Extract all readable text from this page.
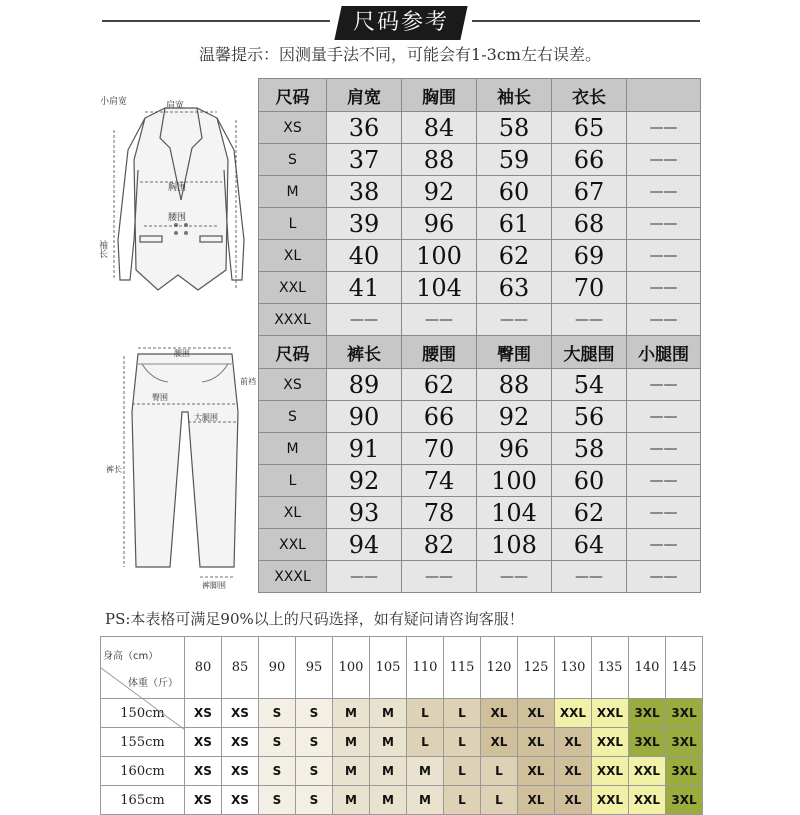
尺码参考
温馨提示：因测量手法不同，可能会有1-3cm左右误差。
小肩宽	肩宽
胸围
腰围
袖长
腰围
前裆
臀围
大腿围
裤长
裤脚围
尺码	肩宽	胸围	袖长	衣长	
XS	36	84	58	65	——
S	37	88	59	66	——
M	38	92	60	67	——
L	39	96	61	68	——
XL	40	100	62	69	——
XXL	41	104	63	70	——
XXXL	——	——	——	——	——
尺码	裤长	腰围	臀围	大腿围	小腿围
XS	89	62	88	54	——
S	90	66	92	56	——
M	91	70	96	58	——
L	92	74	100	60	——
XL	93	78	104	62	——
XXL	94	82	108	64	——
XXXL	——	——	——	——	——
PS:本表格可满足90%以上的尺码选择，如有疑问请咨询客服！
体重（斤）
身高（cm）	80	85	90	95	100	105	110	115	120	125	130	135	140	145
150cm	XS	XS	S	S	M	M	L	L	XL	XL	XXL	XXL	3XL	3XL
155cm	XS	XS	S	S	M	M	L	L	XL	XL	XL	XXL	3XL	3XL
160cm	XS	XS	S	S	M	M	M	L	L	XL	XL	XXL	XXL	3XL
165cm	XS	XS	S	S	M	M	M	L	L	XL	XL	XXL	XXL	3XL
